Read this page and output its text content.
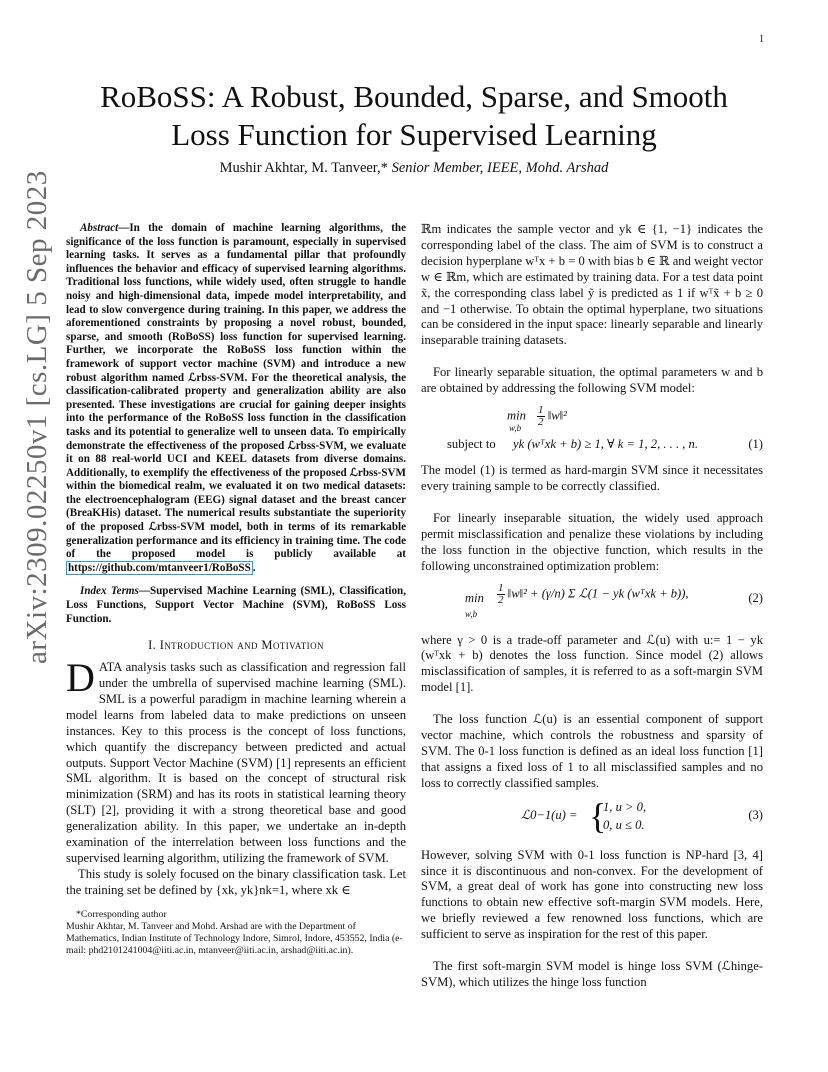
1
arXiv:2309.02250v1 [cs.LG] 5 Sep 2023
RoBoSS: A Robust, Bounded, Sparse, and Smooth
Loss Function for Supervised Learning
Mushir Akhtar, M. Tanveer,* Senior Member, IEEE, Mohd. Arshad

Abstract—In the domain of machine learning algorithms, the significance of the loss function is paramount, especially in supervised learning tasks. It serves as a fundamental pillar that profoundly influences the behavior and efficacy of supervised learning algorithms. Traditional loss functions, while widely used, often struggle to handle noisy and high-dimensional data, impede model interpretability, and lead to slow convergence during training. In this paper, we address the aforementioned constraints by proposing a novel robust, bounded, sparse, and smooth (RoBoSS) loss function for supervised learning. Further, we incorporate the RoBoSS loss function within the framework of support vector machine (SVM) and introduce a new robust algorithm named ℒrbss-SVM. For the theoretical analysis, the classification-calibrated property and generalization ability are also presented. These investigations are crucial for gaining deeper insights into the performance of the RoBoSS loss function in the classification tasks and its potential to generalize well to unseen data. To empirically demonstrate the effectiveness of the proposed ℒrbss-SVM, we evaluate it on 88 real-world UCI and KEEL datasets from diverse domains. Additionally, to exemplify the effectiveness of the proposed ℒrbss-SVM within the biomedical realm, we evaluated it on two medical datasets: the electroencephalogram (EEG) signal dataset and the breast cancer (BreaKHis) dataset. The numerical results substantiate the superiority of the proposed ℒrbss-SVM model, both in terms of its remarkable generalization performance and its efficiency in training time. The code of the proposed model is publicly available at https://github.com/mtanveer1/RoBoSS .

Index Terms—Supervised Machine Learning (SML), Classification, Loss Functions, Support Vector Machine (SVM), RoBoSS Loss Function.

I. Introduction and Motivation

DATA analysis tasks such as classification and regression fall under the umbrella of supervised machine learning (SML). SML is a powerful paradigm in machine learning wherein a model learns from labeled data to make predictions on unseen instances. Key to this process is the concept of loss functions, which quantify the discrepancy between predicted and actual outputs. Support Vector Machine (SVM) [1] represents an efficient SML algorithm. It is based on the concept of structural risk minimization (SRM) and has its roots in statistical learning theory (SLT) [2], providing it with a strong theoretical base and good generalization ability. In this paper, we undertake an in-depth examination of the interrelation between loss functions and the supervised learning algorithm, utilizing the framework of SVM.

This study is solely focused on the binary classification task. Let the training set be defined by {xk, yk}nk=1, where xk ∈

*Corresponding author
Mushir Akhtar, M. Tanveer and Mohd. Arshad are with the Department of Mathematics, Indian Institute of Technology Indore, Simrol, Indore, 453552, India (e-mail: phd2101241004@iiti.ac.in, mtanveer@iiti.ac.in, arshad@iiti.ac.in).

ℝm indicates the sample vector and yk ∈ {1, −1} indicates the corresponding label of the class. The aim of SVM is to construct a decision hyperplane wᵀx + b = 0 with bias b ∈ ℝ and weight vector w ∈ ℝm, which are estimated by training data. For a test data point x̃, the corresponding class label ỹ is predicted as 1 if wᵀx̃ + b ≥ 0 and −1 otherwise. To obtain the optimal hyperplane, two situations can be considered in the input space: linearly separable and linearly inseparable training datasets.

For linearly separable situation, the optimal parameters w and b are obtained by addressing the following SVM model:

$\min \frac{1}{2}$ ‖w‖²
w,b
subject to yk (wᵀxk + b) ≥ 1, ∀ k = 1, 2, . . . , n.	(1)

The model (1) is termed as hard-margin SVM since it necessitates every training sample to be correctly classified.

For linearly inseparable situation, the widely used approach permit misclassification and penalize these violations by including the loss function in the objective function, which results in the following unconstrained optimization problem:

min
w,b
$\frac{1}{2}$ ‖w‖² + (γ/n) Σ ℒ(1 − yk (wᵀxk + b)),	(2)

where γ > 0 is a trade-off parameter and ℒ(u) with u:= 1 − yk (wᵀxk + b) denotes the loss function. Since model (2) allows misclassification of samples, it is referred to as a soft-margin SVM model [1].

The loss function ℒ(u) is an essential component of support vector machine, which controls the robustness and sparsity of SVM. The 0-1 loss function is defined as an ideal loss function [1] that assigns a fixed loss of 1 to all misclassified samples and no loss to correctly classified samples.

ℒ0−1(u) = {
1, u > 0,
0, u ≤ 0.
(3)

However, solving SVM with 0-1 loss function is NP-hard [3, 4] since it is discontinuous and non-convex. For the development of SVM, a great deal of work has gone into constructing new loss functions to obtain new effective soft-margin SVM models. Here, we briefly reviewed a few renowned loss functions, which are sufficient to serve as inspiration for the rest of this paper.

The first soft-margin SVM model is hinge loss SVM (ℒhinge-SVM), which utilizes the hinge loss function
